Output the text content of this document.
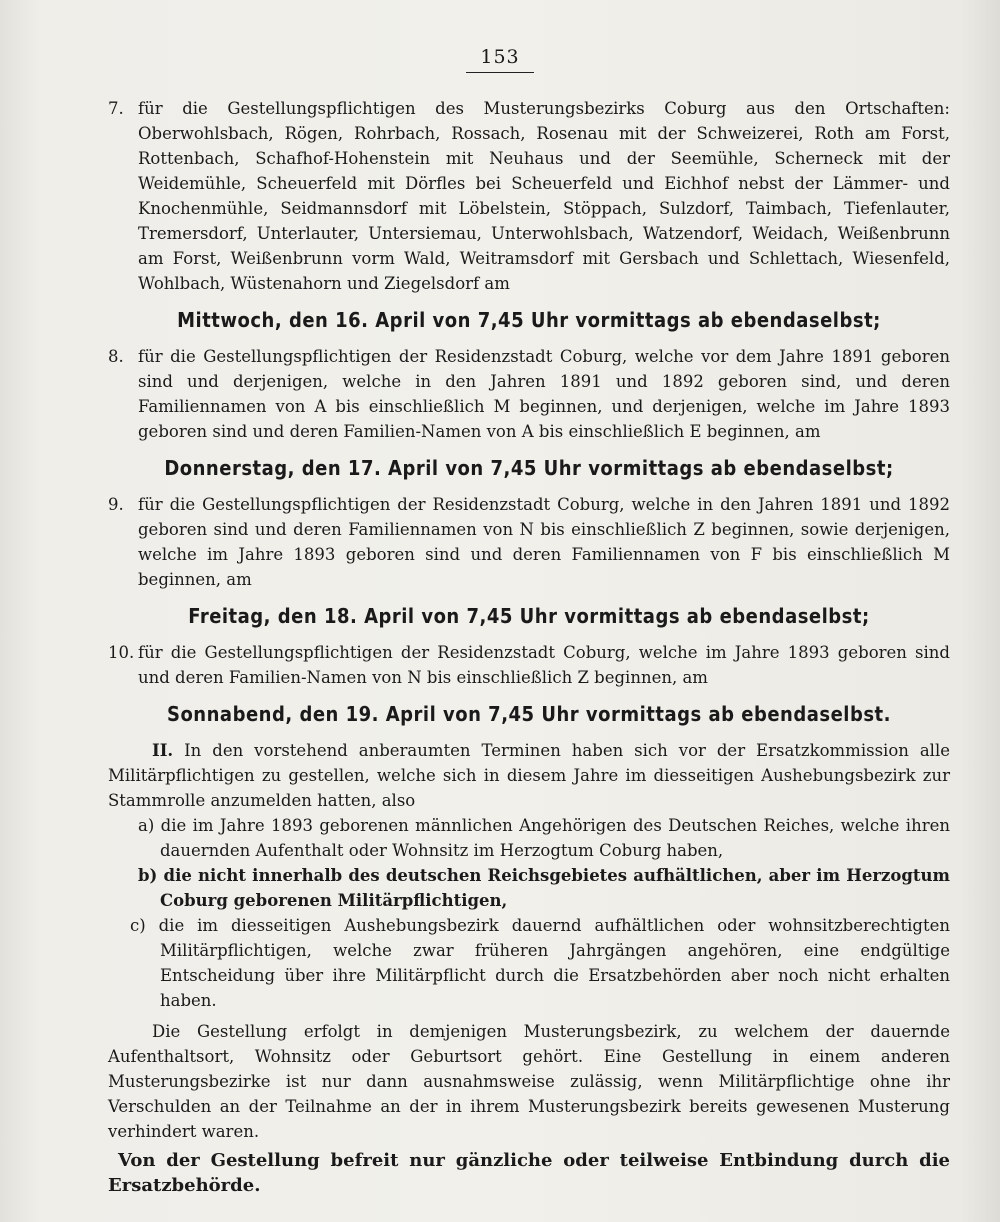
153

7. für die Gestellungspflichtigen des Musterungsbezirks Coburg aus den Ortschaften: Oberwohlsbach, Rögen, Rohrbach, Rossach, Rosenau mit der Schweizerei, Roth am Forst, Rottenbach, Schafhof-Hohenstein mit Neuhaus und der Seemühle, Scherneck mit der Weidemühle, Scheuerfeld mit Dörfles bei Scheuerfeld und Eichhof nebst der Lämmer- und Knochenmühle, Seidmannsdorf mit Löbelstein, Stöppach, Sulzdorf, Taimbach, Tiefenlauter, Tremersdorf, Unterlauter, Untersiemau, Unterwohlsbach, Watzendorf, Weidach, Weißenbrunn am Forst, Weißenbrunn vorm Wald, Weitramsdorf mit Gersbach und Schlettach, Wiesenfeld, Wohlbach, Wüstenahorn und Ziegelsdorf am

Mittwoch, den 16. April von 7,45 Uhr vormittags ab ebendaselbst;

8. für die Gestellungspflichtigen der Residenzstadt Coburg, welche vor dem Jahre 1891 geboren sind und derjenigen, welche in den Jahren 1891 und 1892 geboren sind, und deren Familiennamen von A bis einschließlich M beginnen, und derjenigen, welche im Jahre 1893 geboren sind und deren Familien-Namen von A bis einschließlich E beginnen, am

Donnerstag, den 17. April von 7,45 Uhr vormittags ab ebendaselbst;

9. für die Gestellungspflichtigen der Residenzstadt Coburg, welche in den Jahren 1891 und 1892 geboren sind und deren Familiennamen von N bis einschließlich Z beginnen, sowie derjenigen, welche im Jahre 1893 geboren sind und deren Familiennamen von F bis einschließlich M beginnen, am

Freitag, den 18. April von 7,45 Uhr vormittags ab ebendaselbst;

10. für die Gestellungspflichtigen der Residenzstadt Coburg, welche im Jahre 1893 geboren sind und deren Familien-Namen von N bis einschließlich Z beginnen, am

Sonnabend, den 19. April von 7,45 Uhr vormittags ab ebendaselbst.

II. In den vorstehend anberaumten Terminen haben sich vor der Ersatzkommission alle Militärpflichtigen zu gestellen, welche sich in diesem Jahre im diesseitigen Aushebungsbezirk zur Stammrolle anzumelden hatten, also

a) die im Jahre 1893 geborenen männlichen Angehörigen des Deutschen Reiches, welche ihren dauernden Aufenthalt oder Wohnsitz im Herzogtum Coburg haben,

b) die nicht innerhalb des deutschen Reichsgebietes aufhältlichen, aber im Herzogtum Coburg geborenen Militärpflichtigen,

c) die im diesseitigen Aushebungsbezirk dauernd aufhältlichen oder wohnsitzberechtigten Militärpflichtigen, welche zwar früheren Jahrgängen angehören, eine endgültige Entscheidung über ihre Militärpflicht durch die Ersatzbehörden aber noch nicht erhalten haben.

Die Gestellung erfolgt in demjenigen Musterungsbezirk, zu welchem der dauernde Aufenthaltsort, Wohnsitz oder Geburtsort gehört. Eine Gestellung in einem anderen Musterungsbezirke ist nur dann ausnahmsweise zulässig, wenn Militärpflichtige ohne ihr Verschulden an der Teilnahme an der in ihrem Musterungsbezirk bereits gewesenen Musterung verhindert waren.

Von der Gestellung befreit nur gänzliche oder teilweise Entbindung durch die Ersatzbehörde.
